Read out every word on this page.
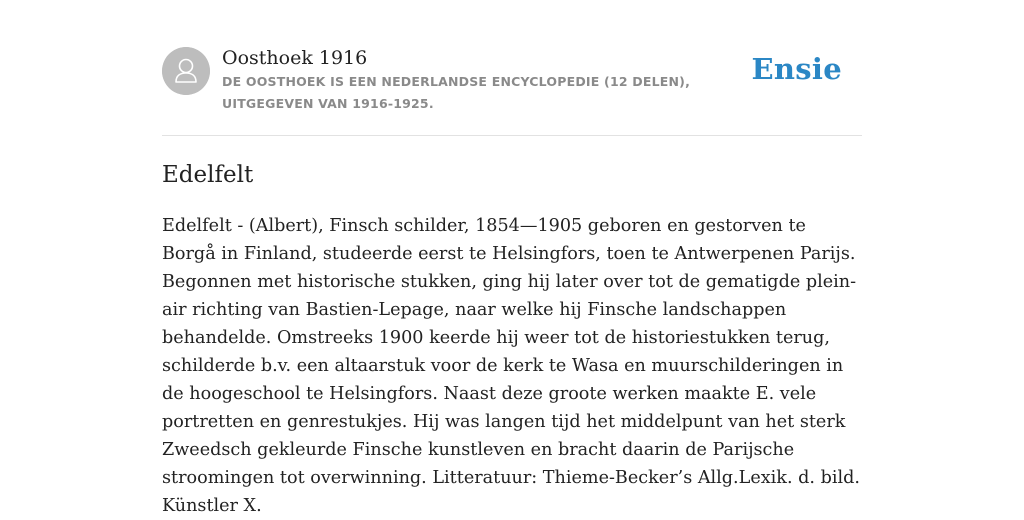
Oosthoek 1916
DE OOSTHOEK IS EEN NEDERLANDSE ENCYCLOPEDIE (12 DELEN), UITGEGEVEN VAN 1916-1925.
Ensie
Edelfelt

Edelfelt - (Albert), Finsch schilder, 1854—1905 geboren en gestorven te Borgå in Finland, studeerde eerst te Helsingfors, toen te Antwerpenen Parijs. Begonnen met historische stukken, ging hij later over tot de gematigde plein-air richting van Bastien-Lepage, naar welke hij Finsche landschappen behandelde. Omstreeks 1900 keerde hij weer tot de historiestukken terug, schilderde b.v. een altaarstuk voor de kerk te Wasa en muurschilderingen in de hoogeschool te Helsingfors. Naast deze groote werken maakte E. vele portretten en genrestukjes. Hij was langen tijd het middelpunt van het sterk Zweedsch gekleurde Finsche kunstleven en bracht daarin de Parijsche stroomingen tot overwinning. Litteratuur: Thieme-Becker’s Allg.Lexik. d. bild. Künstler X.
